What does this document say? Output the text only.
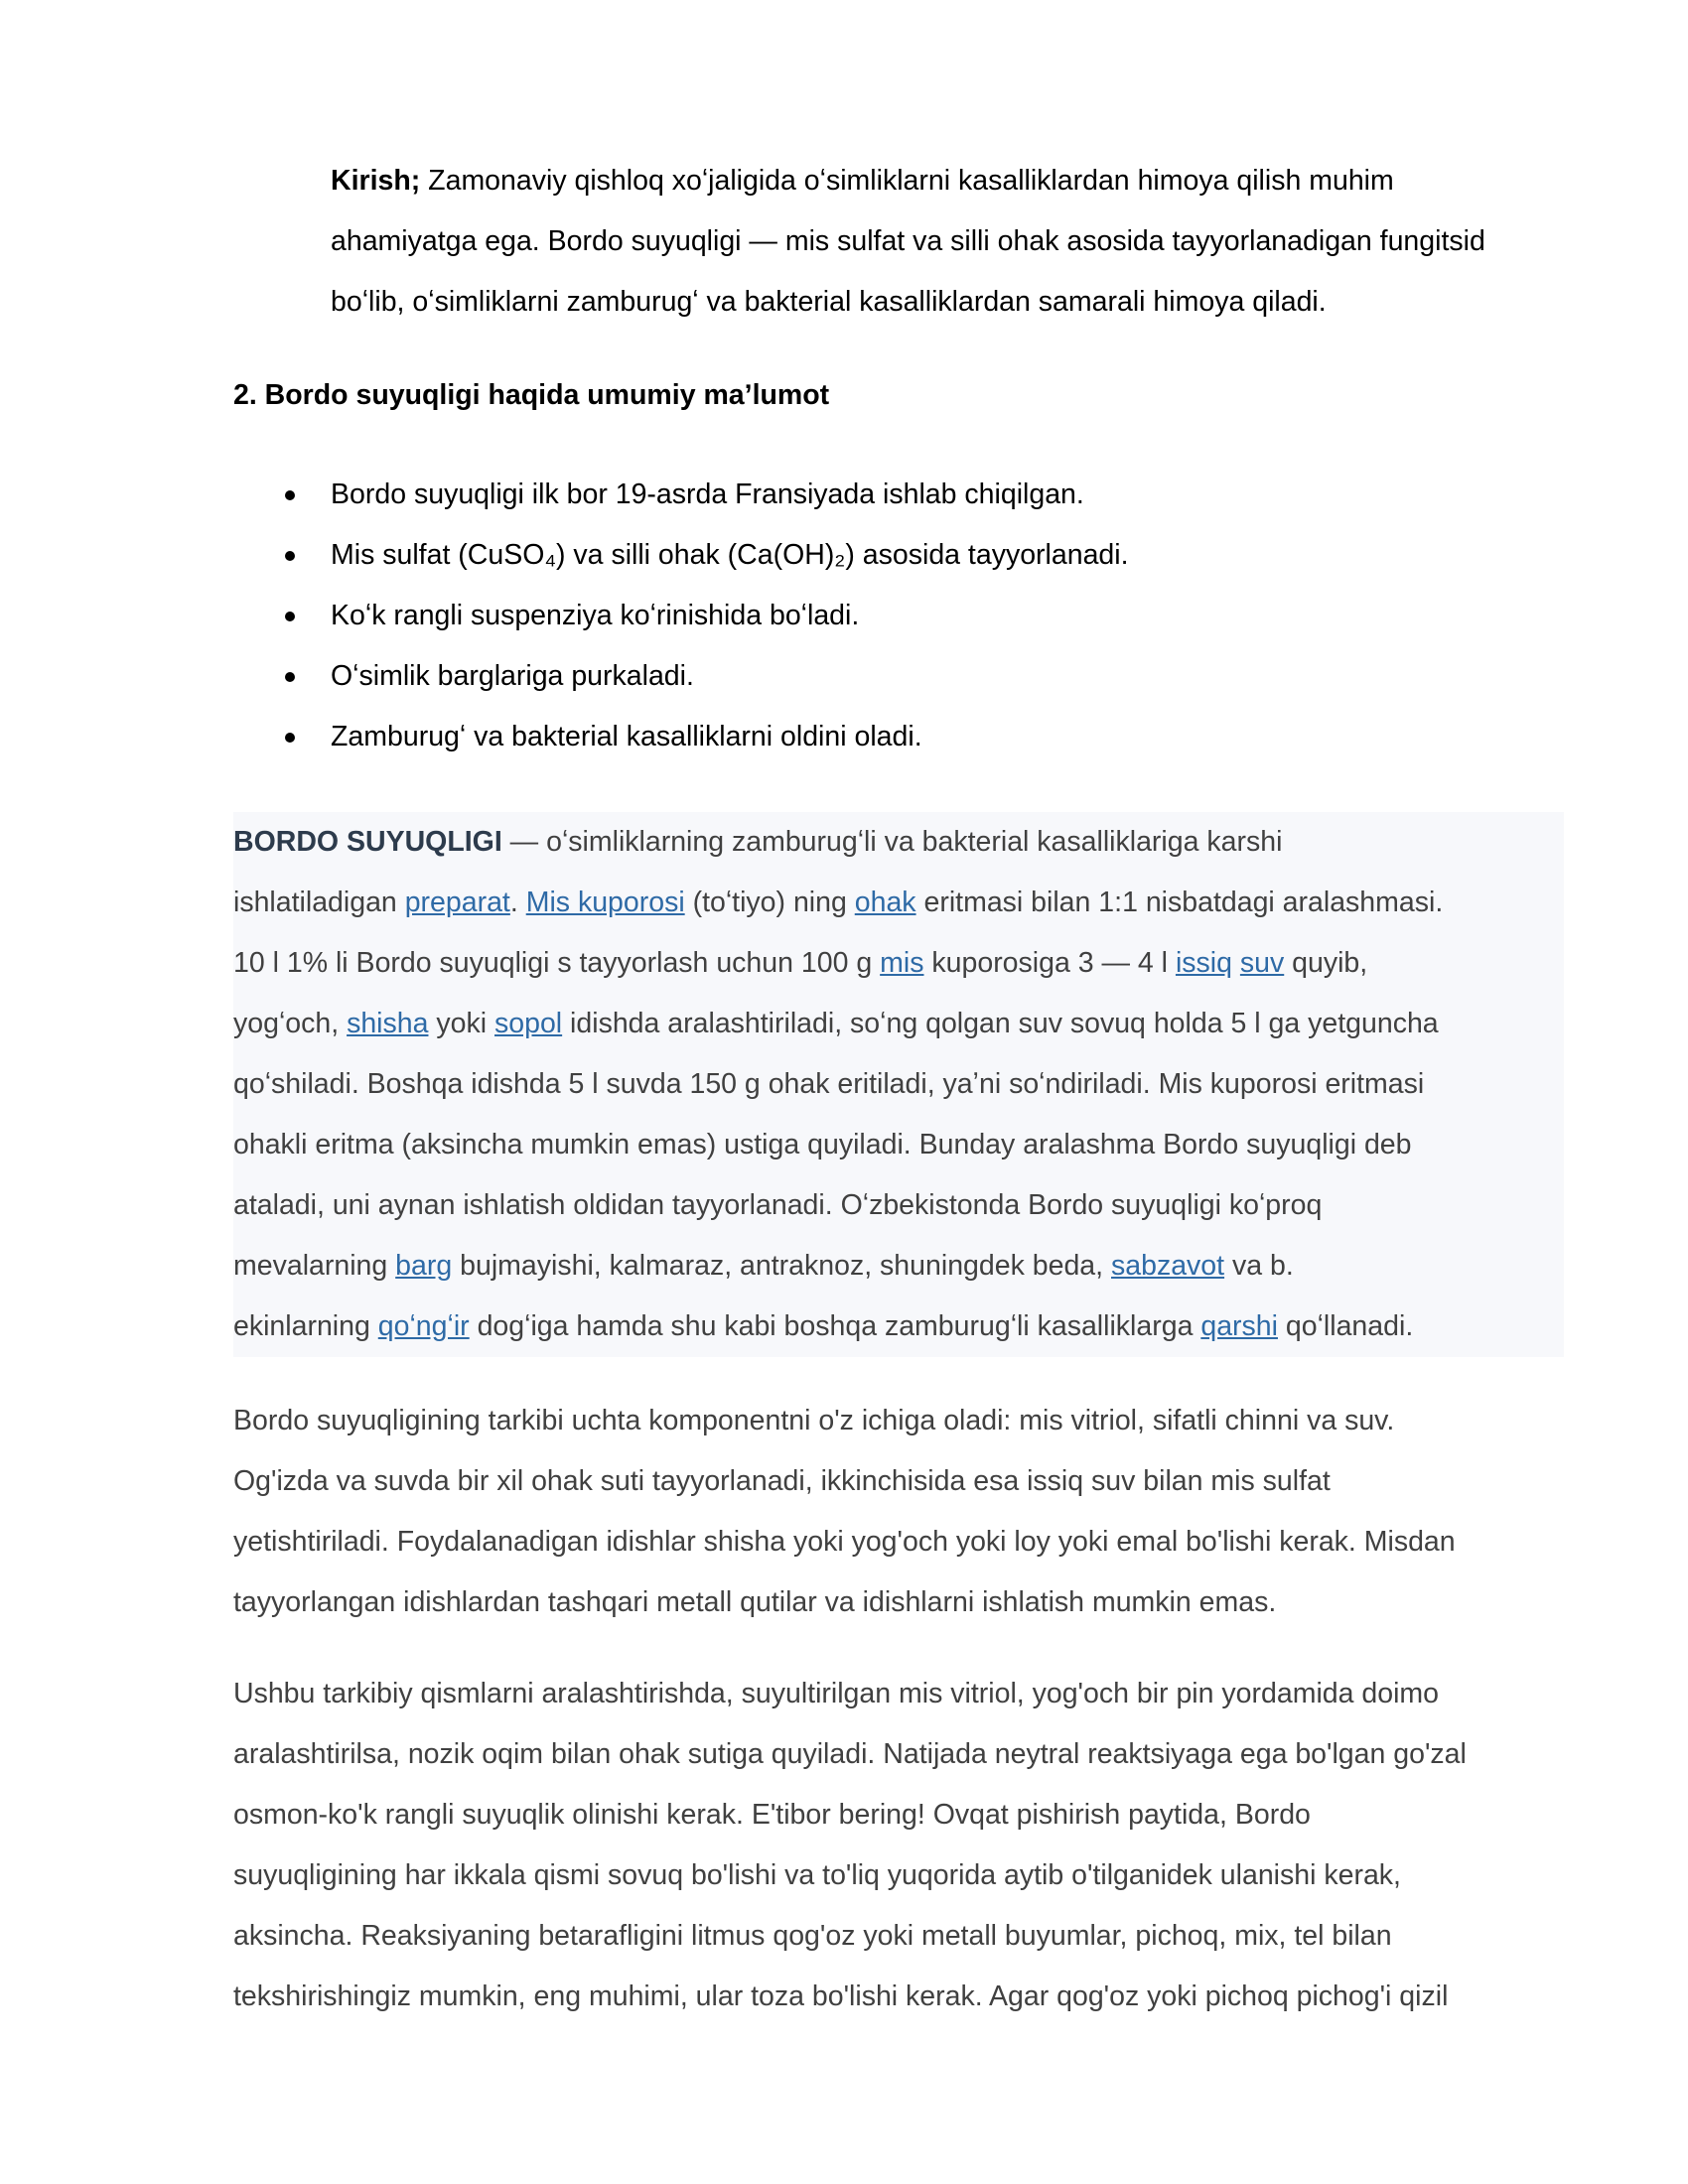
Kirish; Zamonaviy qishloq xoʻjaligida oʻsimliklarni kasalliklardan himoya qilish muhim
ahamiyatga ega. Bordo suyuqligi — mis sulfat va silli ohak asosida tayyorlanadigan fungitsid
boʻlib, oʻsimliklarni zamburugʻ va bakterial kasalliklardan samarali himoya qiladi.
2. Bordo suyuqligi haqida umumiy maʼlumot
Bordo suyuqligi ilk bor 19-asrda Fransiyada ishlab chiqilgan.
Mis sulfat (CuSO₄) va silli ohak (Ca(OH)₂) asosida tayyorlanadi.
Koʻk rangli suspenziya koʻrinishida boʻladi.
Oʻsimlik barglariga purkaladi.
Zamburugʻ va bakterial kasalliklarni oldini oladi.
BORDO SUYUQLIGI — oʻsimliklarning zamburugʻli va bakterial kasalliklariga karshi
ishlatiladigan preparat. Mis kuporosi (toʻtiyo) ning ohak eritmasi bilan 1:1 nisbatdagi aralashmasi.
10 l 1% li Bordo suyuqligi s tayyorlash uchun 100 g mis kuporosiga 3 — 4 l issiq suv quyib,
yogʻoch, shisha yoki sopol idishda aralashtiriladi, soʻng qolgan suv sovuq holda 5 l ga yetguncha
qoʻshiladi. Boshqa idishda 5 l suvda 150 g ohak eritiladi, yaʼni soʻndiriladi. Mis kuporosi eritmasi
ohakli eritma (aksincha mumkin emas) ustiga quyiladi. Bunday aralashma Bordo suyuqligi deb
ataladi, uni aynan ishlatish oldidan tayyorlanadi. Oʻzbekistonda Bordo suyuqligi koʻproq
mevalarning barg bujmayishi, kalmaraz, antraknoz, shuningdek beda, sabzavot va b.
ekinlarning qoʻngʻir dogʻiga hamda shu kabi boshqa zamburugʻli kasalliklarga qarshi qoʻllanadi.
Bordo suyuqligining tarkibi uchta komponentni o'z ichiga oladi: mis vitriol, sifatli chinni va suv.
Og'izda va suvda bir xil ohak suti tayyorlanadi, ikkinchisida esa issiq suv bilan mis sulfat
yetishtiriladi. Foydalanadigan idishlar shisha yoki yog'och yoki loy yoki emal bo'lishi kerak. Misdan
tayyorlangan idishlardan tashqari metall qutilar va idishlarni ishlatish mumkin emas.
Ushbu tarkibiy qismlarni aralashtirishda, suyultirilgan mis vitriol, yog'och bir pin yordamida doimo
aralashtirilsa, nozik oqim bilan ohak sutiga quyiladi. Natijada neytral reaktsiyaga ega bo'lgan go'zal
osmon-ko'k rangli suyuqlik olinishi kerak. E'tibor bering! Ovqat pishirish paytida, Bordo
suyuqligining har ikkala qismi sovuq bo'lishi va to'liq yuqorida aytib o'tilganidek ulanishi kerak,
aksincha. Reaksiyaning betarafligini litmus qog'oz yoki metall buyumlar, pichoq, mix, tel bilan
tekshirishingiz mumkin, eng muhimi, ular toza bo'lishi kerak. Agar qog'oz yoki pichoq pichog'i qizil
